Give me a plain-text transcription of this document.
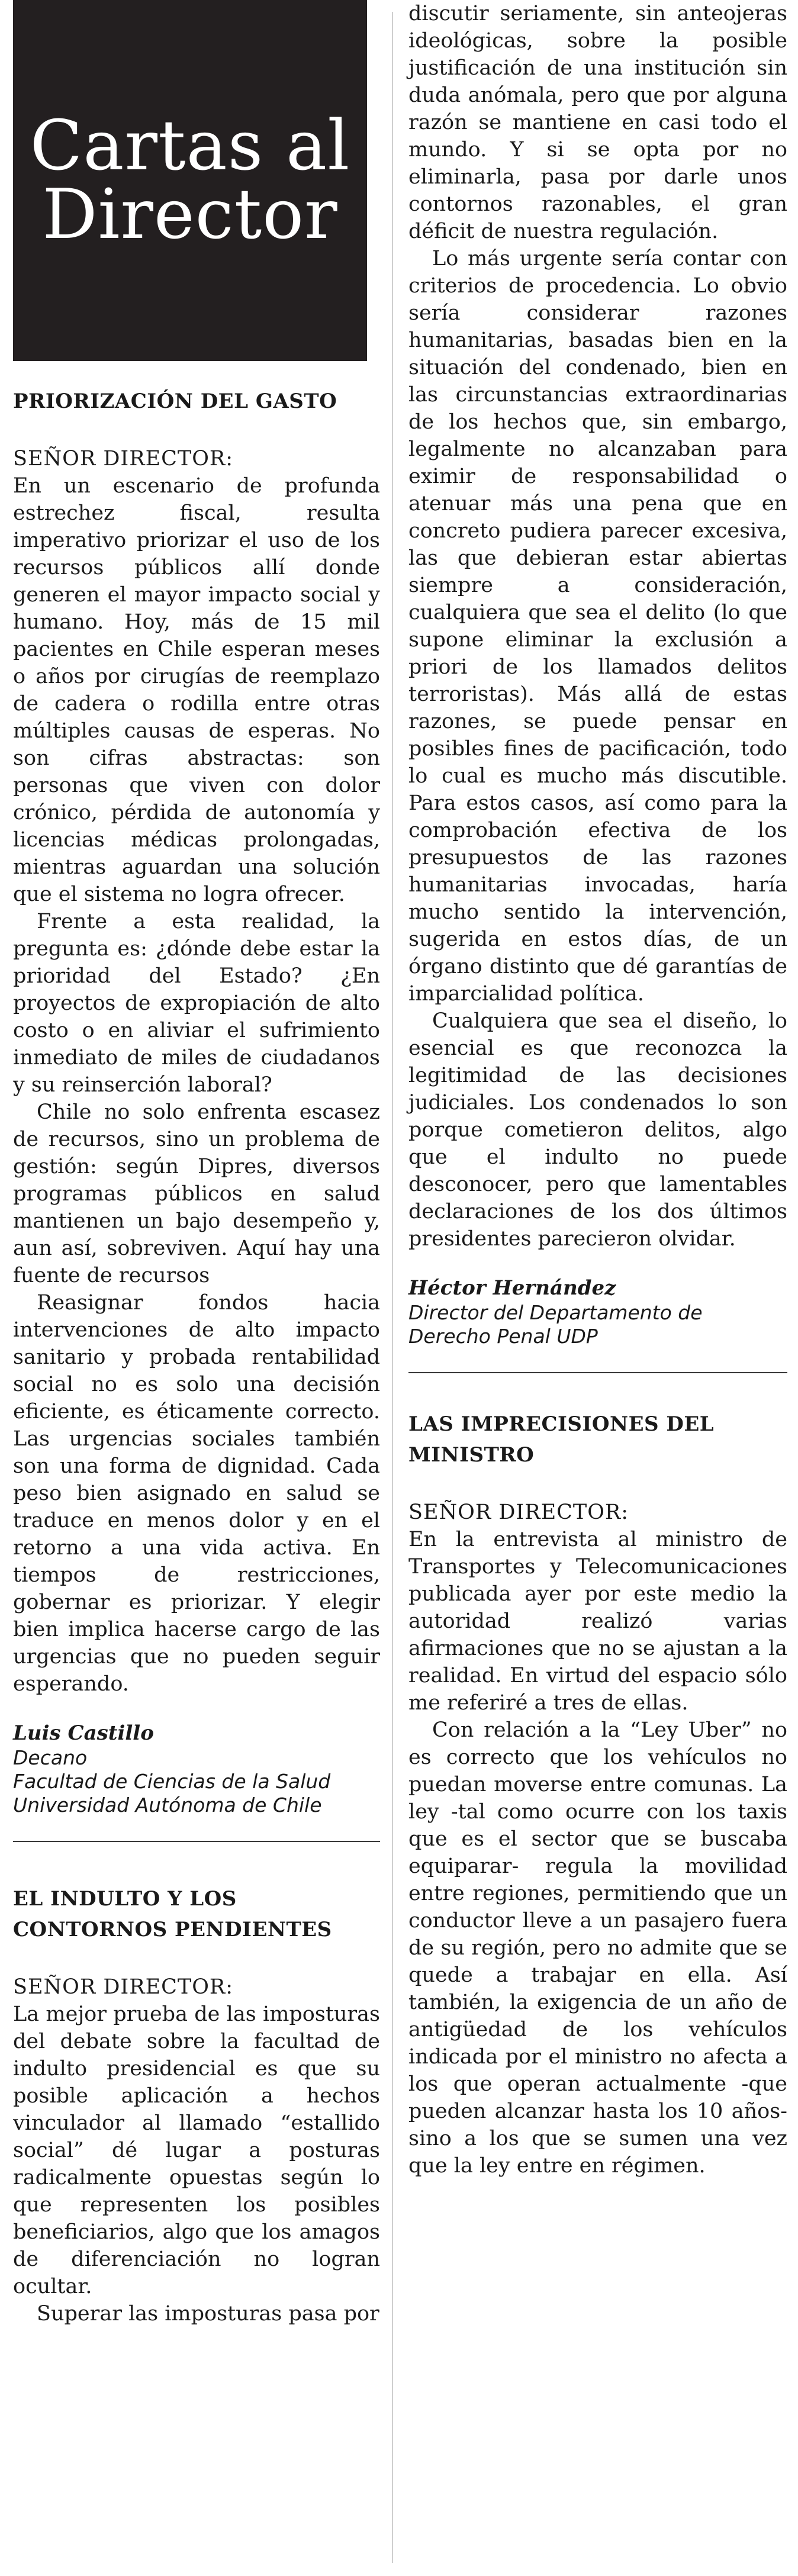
Cartas al
Director
PRIORIZACIÓN DEL GASTO

SEÑOR DIRECTOR:

En un escenario de profunda estrechez fiscal, resulta imperativo priorizar el uso de los recursos públicos allí donde generen el mayor impacto social y humano. Hoy, más de 15 mil pacientes en Chile esperan meses o años por cirugías de reemplazo de cadera o rodilla entre otras múltiples causas de esperas. No son cifras abstractas: son personas que viven con dolor crónico, pérdida de autonomía y licencias médicas prolongadas, mientras aguardan una solución que el sistema no logra ofrecer.

Frente a esta realidad, la pregunta es: ¿dónde debe estar la prioridad del Estado? ¿En proyectos de expropiación de alto costo o en aliviar el sufrimiento inmediato de miles de ciudadanos y su reinserción laboral?

Chile no solo enfrenta escasez de recursos, sino un problema de gestión: según Dipres, diversos programas públicos en salud mantienen un bajo desempeño y, aun así, sobreviven. Aquí hay una fuente de recursos

Reasignar fondos hacia intervenciones de alto impacto sanitario y probada rentabilidad social no es solo una decisión eficiente, es éticamente correcto. Las urgencias sociales también son una forma de dignidad. Cada peso bien asignado en salud se traduce en menos dolor y en el retorno a una vida activa. En tiempos de restricciones, gobernar es priorizar. Y elegir bien implica hacerse cargo de las urgencias que no pueden seguir esperando.

Luis Castillo

Decano

Facultad de Ciencias de la Salud

Universidad Autónoma de Chile

EL INDULTO Y LOS
CONTORNOS PENDIENTES

SEÑOR DIRECTOR:

La mejor prueba de las imposturas del debate sobre la facultad de indulto presidencial es que su posible aplicación a hechos vinculador al llamado “estallido social” dé lugar a posturas radicalmente opuestas según lo que representen los posibles beneficiarios, algo que los amagos de diferenciación no logran ocultar.

Superar las imposturas pasa por

discutir seriamente, sin anteojeras ideológicas, sobre la posible justificación de una institución sin duda anómala, pero que por alguna razón se mantiene en casi todo el mundo. Y si se opta por no eliminarla, pasa por darle unos contornos razonables, el gran déficit de nuestra regulación.

Lo más urgente sería contar con criterios de procedencia. Lo obvio sería considerar razones humanitarias, basadas bien en la situación del condenado, bien en las circunstancias extraordinarias de los hechos que, sin embargo, legalmente no alcanzaban para eximir de responsabilidad o atenuar más una pena que en concreto pudiera parecer excesiva, las que debieran estar abiertas siempre a consideración, cualquiera que sea el delito (lo que supone eliminar la exclusión a priori de los llamados delitos terroristas). Más allá de estas razones, se puede pensar en posibles fines de pacificación, todo lo cual es mucho más discutible. Para estos casos, así como para la comprobación efectiva de los presupuestos de las razones humanitarias invocadas, haría mucho sentido la intervención, sugerida en estos días, de un órgano distinto que dé garantías de imparcialidad política.

Cualquiera que sea el diseño, lo esencial es que reconozca la legitimidad de las decisiones judiciales. Los condenados lo son porque cometieron delitos, algo que el indulto no puede desconocer, pero que lamentables declaraciones de los dos últimos presidentes parecieron olvidar.

Héctor Hernández

Director del Departamento de

Derecho Penal UDP

LAS IMPRECISIONES DEL
MINISTRO

SEÑOR DIRECTOR:

En la entrevista al ministro de Transportes y Telecomunicaciones publicada ayer por este medio la autoridad realizó varias afirmaciones que no se ajustan a la realidad. En virtud del espacio sólo me referiré a tres de ellas.

Con relación a la “Ley Uber” no es correcto que los vehículos no puedan moverse entre comunas. La ley -tal como ocurre con los taxis que es el sector que se buscaba equiparar- regula la movilidad entre regiones, permitiendo que un conductor lleve a un pasajero fuera de su región, pero no admite que se quede a trabajar en ella. Así también, la exigencia de un año de antigüedad de los vehículos indicada por el ministro no afecta a los que operan actualmente -que pueden alcanzar hasta los 10 años- sino a los que se sumen una vez que la ley entre en régimen.
